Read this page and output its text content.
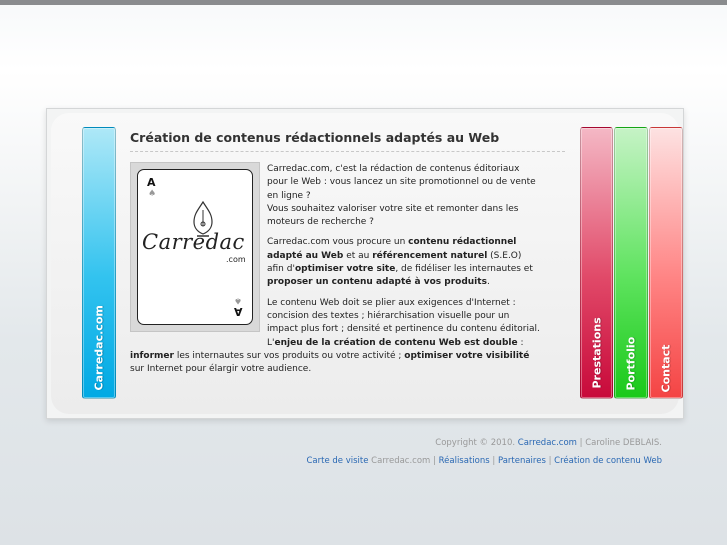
Carredac.com	Prestations Portfolio Contact
Création de contenus rédactionnels adaptés au Web
A
♠
Carredac
.com
♠
A

Carredac.com, c'est la rédaction de contenus éditoriaux pour le Web : vous lancez un site promotionnel ou de vente en ligne ?
Vous souhaitez valoriser votre site et remonter dans les moteurs de recherche ?

Carredac.com vous procure un contenu rédactionnel adapté au Web et au référencement naturel (S.E.O) afin d'optimiser votre site, de fidéliser les internautes et proposer un contenu adapté à vos produits.

Le contenu Web doit se plier aux exigences d'Internet : concision des textes ; hiérarchisation visuelle pour un impact plus fort ; densité et pertinence du contenu éditorial. L'enjeu de la création de contenu Web est double : informer les internautes sur vos produits ou votre activité ; optimiser votre visibilité sur Internet pour élargir votre audience.

Copyright © 2010. Carredac.com | Caroline DEBLAIS.
Carte de visite Carredac.com | Réalisations | Partenaires | Création de contenu Web
